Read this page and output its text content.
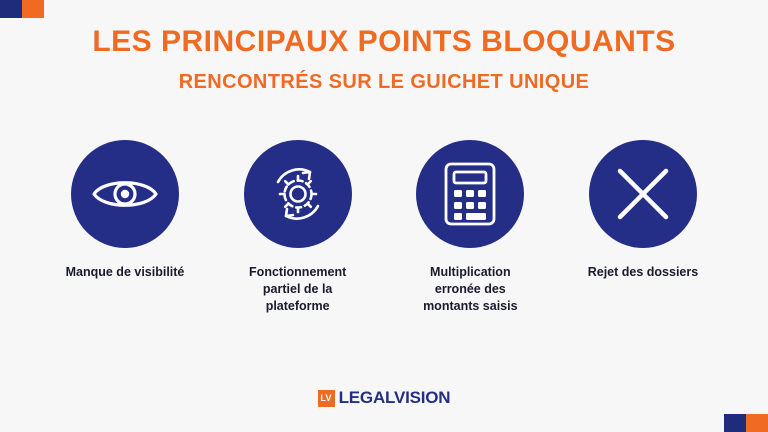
LES PRINCIPAUX POINTS BLOQUANTS
RENCONTRÉS SUR LE GUICHET UNIQUE
Manque de visibilité	Fonctionnement partiel de la plateforme
Multiplication erronée des montants saisis
Rejet des dossiers
LV LEGALVISION
